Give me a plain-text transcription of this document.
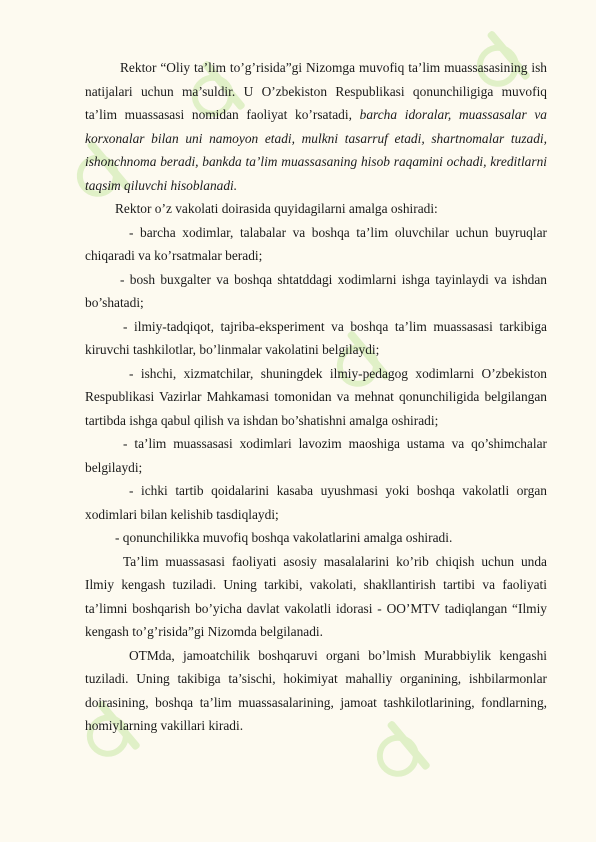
Rektor “Oliy ta’lim to’g’risida”gi Nizomga muvofiq ta’lim muassasasining ish natijalari uchun ma’suldir. U O’zbekiston Respublikasi qonunchiligiga muvofiq ta’lim muassasasi nomidan faoliyat ko’rsatadi, barcha idoralar, muassasalar va korxonalar bilan uni namoyon etadi, mulkni tasarruf etadi, shartnomalar tuzadi, ishonchnoma beradi, bankda ta’lim muassasaning hisob raqamini ochadi, kreditlarni taqsim qiluvchi hisoblanadi.

Rektor o’z vakolati doirasida quyidagilarni amalga oshiradi:

- barcha xodimlar, talabalar va boshqa ta’lim oluvchilar uchun buyruqlar chiqaradi va ko’rsatmalar beradi;

- bosh buxgalter va boshqa shtatddagi xodimlarni ishga tayinlaydi va ishdan bo’shatadi;

- ilmiy-tadqiqot, tajriba-eksperiment va boshqa ta’lim muassasasi tarkibiga kiruvchi tashkilotlar, bo’linmalar vakolatini belgilaydi;

- ishchi, xizmatchilar, shuningdek ilmiy-pedagog xodimlarni O’zbekiston Respublikasi Vazirlar Mahkamasi tomonidan va mehnat qonunchiligida belgilangan tartibda ishga qabul qilish va ishdan bo’shatishni amalga oshiradi;

- ta’lim muassasasi xodimlari lavozim maoshiga ustama va qo’shimchalar belgilaydi;

- ichki tartib qoidalarini kasaba uyushmasi yoki boshqa vakolatli organ xodimlari bilan kelishib tasdiqlaydi;

- qonunchilikka muvofiq boshqa vakolatlarini amalga oshiradi.

Ta’lim muassasasi faoliyati asosiy masalalarini ko’rib chiqish uchun unda Ilmiy kengash tuziladi. Uning tarkibi, vakolati, shakllantirish tartibi va faoliyati ta’limni boshqarish bo’yicha davlat vakolatli idorasi - OO’MTV tadiqlangan “Ilmiy kengash to’g’risida”gi Nizomda belgilanadi.

OTMda, jamoatchilik boshqaruvi organi bo’lmish Murabbiylik kengashi tuziladi. Uning takibiga ta’sischi, hokimiyat mahalliy organining, ishbilarmonlar doirasining, boshqa ta’lim muassasalarining, jamoat tashkilotlarining, fondlarning, homiylarning vakillari kiradi.
